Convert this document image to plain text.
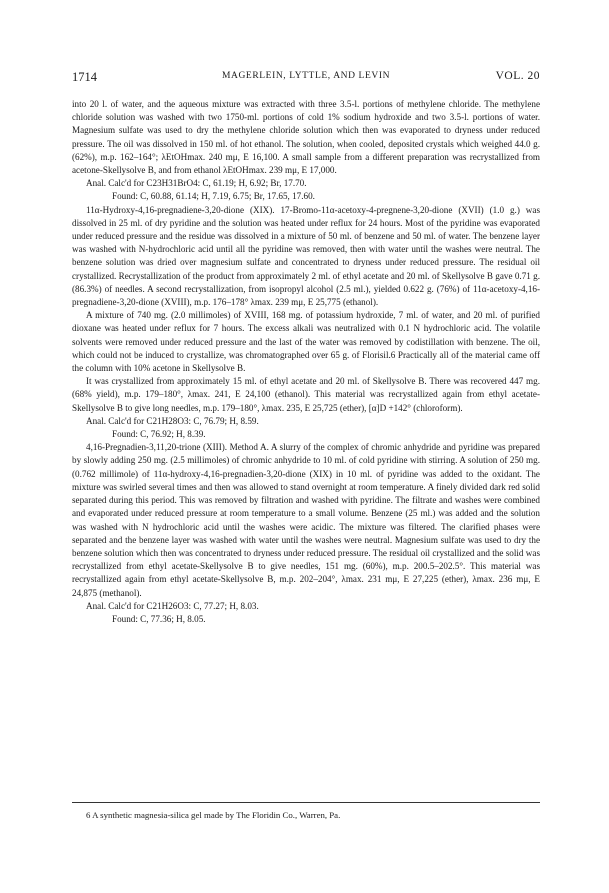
1714	MAGERLEIN, LYTTLE, AND LEVIN	VOL. 20

into 20 l. of water, and the aqueous mixture was extracted with three 3.5-l. portions of methylene chloride. The methylene chloride solution was washed with two 1750-ml. portions of cold 1% sodium hydroxide and two 3.5-l. portions of water. Magnesium sulfate was used to dry the methylene chloride solution which then was evaporated to dryness under reduced pressure. The oil was dissolved in 150 ml. of hot ethanol. The solution, when cooled, deposited crystals which weighed 44.0 g. (62%), m.p. 162–164°; λEtOHmax. 240 mμ, E 16,100. A small sample from a different preparation was recrystallized from acetone-Skellysolve B, and from ethanol λEtOHmax. 239 mμ, E 17,000.

Anal. Calc'd for C23H31BrO4: C, 61.19; H, 6.92; Br, 17.70.

Found: C, 60.88, 61.14; H, 7.19, 6.75; Br, 17.65, 17.60.

11α-Hydroxy-4,16-pregnadiene-3,20-dione (XIX). 17-Bromo-11α-acetoxy-4-pregnene-3,20-dione (XVII) (1.0 g.) was dissolved in 25 ml. of dry pyridine and the solution was heated under reflux for 24 hours. Most of the pyridine was evaporated under reduced pressure and the residue was dissolved in a mixture of 50 ml. of benzene and 50 ml. of water. The benzene layer was washed with N-hydrochloric acid until all the pyridine was removed, then with water until the washes were neutral. The benzene solution was dried over magnesium sulfate and concentrated to dryness under reduced pressure. The residual oil crystallized. Recrystallization of the product from approximately 2 ml. of ethyl acetate and 20 ml. of Skellysolve B gave 0.71 g. (86.3%) of needles. A second recrystallization, from isopropyl alcohol (2.5 ml.), yielded 0.622 g. (76%) of 11α-acetoxy-4,16-pregnadiene-3,20-dione (XVIII), m.p. 176–178° λmax. 239 mμ, E 25,775 (ethanol).

A mixture of 740 mg. (2.0 millimoles) of XVIII, 168 mg. of potassium hydroxide, 7 ml. of water, and 20 ml. of purified dioxane was heated under reflux for 7 hours. The excess alkali was neutralized with 0.1 N hydrochloric acid. The volatile solvents were removed under reduced pressure and the last of the water was removed by codistillation with benzene. The oil, which could not be induced to crystallize, was chromatographed over 65 g. of Florisil.6 Practically all of the material came off the column with 10% acetone in Skellysolve B.

It was crystallized from approximately 15 ml. of ethyl acetate and 20 ml. of Skellysolve B. There was recovered 447 mg. (68% yield), m.p. 179–180°, λmax. 241, E 24,100 (ethanol). This material was recrystallized again from ethyl acetate-Skellysolve B to give long needles, m.p. 179–180°, λmax. 235, E 25,725 (ether), [α]D +142° (chloroform).

Anal. Calc'd for C21H28O3: C, 76.79; H, 8.59.

Found: C, 76.92; H, 8.39.

4,16-Pregnadien-3,11,20-trione (XIII). Method A. A slurry of the complex of chromic anhydride and pyridine was prepared by slowly adding 250 mg. (2.5 millimoles) of chromic anhydride to 10 ml. of cold pyridine with stirring. A solution of 250 mg. (0.762 millimole) of 11α-hydroxy-4,16-pregnadien-3,20-dione (XIX) in 10 ml. of pyridine was added to the oxidant. The mixture was swirled several times and then was allowed to stand overnight at room temperature. A finely divided dark red solid separated during this period. This was removed by filtration and washed with pyridine. The filtrate and washes were combined and evaporated under reduced pressure at room temperature to a small volume. Benzene (25 ml.) was added and the solution was washed with N hydrochloric acid until the washes were acidic. The mixture was filtered. The clarified phases were separated and the benzene layer was washed with water until the washes were neutral. Magnesium sulfate was used to dry the benzene solution which then was concentrated to dryness under reduced pressure. The residual oil crystallized and the solid was recrystallized from ethyl acetate-Skellysolve B to give needles, 151 mg. (60%), m.p. 200.5–202.5°. This material was recrystallized again from ethyl acetate-Skellysolve B, m.p. 202–204°, λmax. 231 mμ, E 27,225 (ether), λmax. 236 mμ, E 24,875 (methanol).

Anal. Calc'd for C21H26O3: C, 77.27; H, 8.03.

Found: C, 77.36; H, 8.05.

6 A synthetic magnesia-silica gel made by The Floridin Co., Warren, Pa.
